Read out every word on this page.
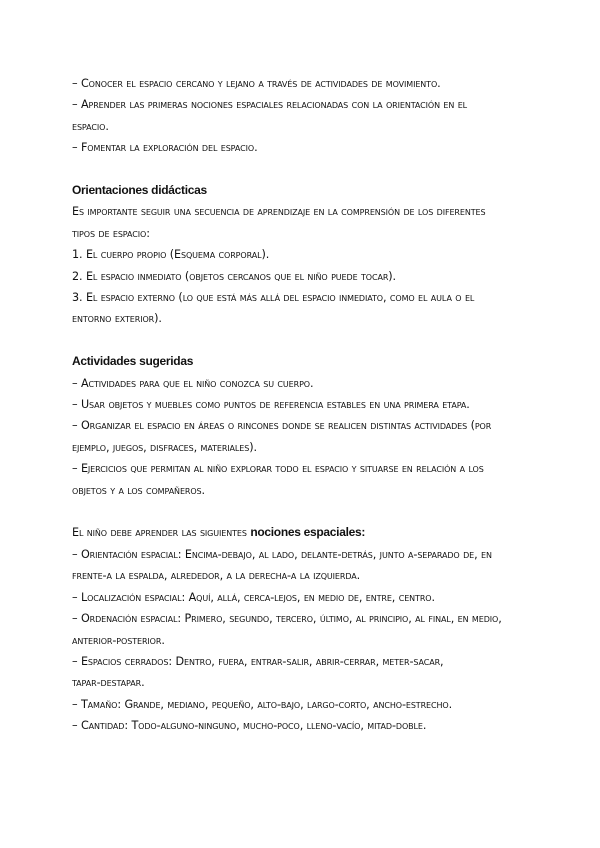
– Conocer el espacio cercano y lejano a través de actividades de movimiento.
– Aprender las primeras nociones espaciales relacionadas con la orientación en el
espacio.
– Fomentar la exploración del espacio.
Orientaciones didácticas
Es importante seguir una secuencia de aprendizaje en la comprensión de los diferentes
tipos de espacio:
1. El cuerpo propio (Esquema corporal).
2. El espacio inmediato (objetos cercanos que el niño puede tocar).
3. El espacio externo (lo que está más allá del espacio inmediato, como el aula o el
entorno exterior).
Actividades sugeridas
– Actividades para que el niño conozca su cuerpo.
– Usar objetos y muebles como puntos de referencia estables en una primera etapa.
– Organizar el espacio en áreas o rincones donde se realicen distintas actividades (por
ejemplo, juegos, disfraces, materiales).
– Ejercicios que permitan al niño explorar todo el espacio y situarse en relación a los
objetos y a los compañeros.
El niño debe aprender las siguientes nociones espaciales:
– Orientación espacial: Encima-debajo, al lado, delante-detrás, junto a-separado de, en
frente-a la espalda, alrededor, a la derecha-a la izquierda.
– Localización espacial: Aquí, allá, cerca-lejos, en medio de, entre, centro.
– Ordenación espacial: Primero, segundo, tercero, último, al principio, al final, en medio,
anterior-posterior.
– Espacios cerrados: Dentro, fuera, entrar-salir, abrir-cerrar, meter-sacar,
tapar-destapar.
– Tamaño: Grande, mediano, pequeño, alto-bajo, largo-corto, ancho-estrecho.
– Cantidad: Todo-alguno-ninguno, mucho-poco, lleno-vacío, mitad-doble.
